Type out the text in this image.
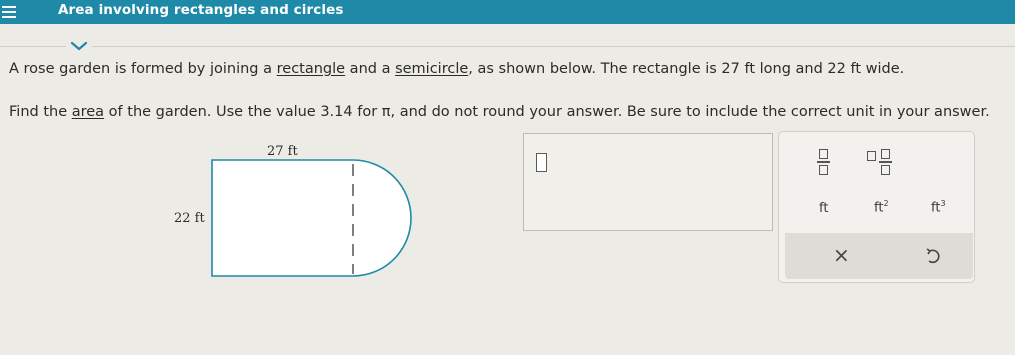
Area involving rectangles and circles
A rose garden is formed by joining a rectangle and a semicircle, as shown below. The rectangle is 27 ft long and 22 ft wide.
Find the area of the garden. Use the value 3.14 for π, and do not round your answer. Be sure to include the correct unit in your answer.
27 ft
22 ft
ft	$ft^2$	$ft^3$
×
